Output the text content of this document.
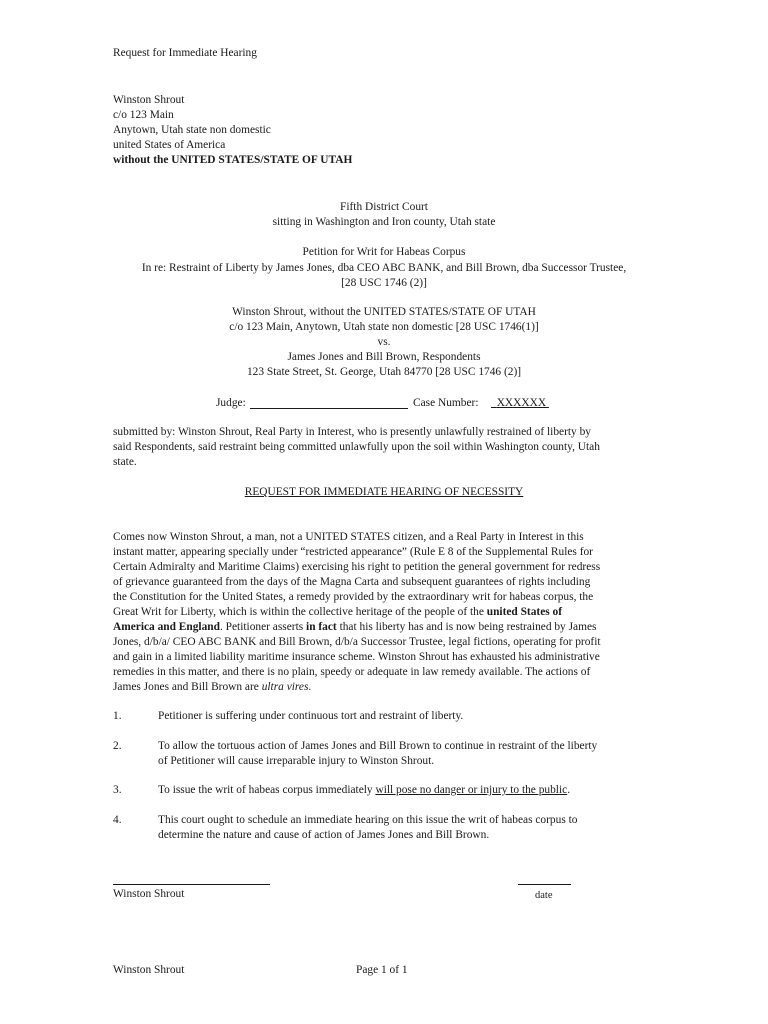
Request for Immediate Hearing
Winston Shrout
c/o 123 Main
Anytown, Utah state non domestic
united States of America
without the UNITED STATES/STATE OF UTAH
Fifth District Court
sitting in Washington and Iron county, Utah state
Petition for Writ for Habeas Corpus
In re: Restraint of Liberty by James Jones, dba CEO ABC BANK, and Bill Brown, dba Successor Trustee,
[28 USC 1746 (2)]
Winston Shrout, without the UNITED STATES/STATE OF UTAH
c/o 123 Main, Anytown, Utah state non domestic [28 USC 1746(1)]
vs.
James Jones and Bill Brown, Respondents
123 State Street, St. George, Utah 84770 [28 USC 1746 (2)]
Judge:	Case Number:	XXXXXX

submitted by: Winston Shrout, Real Party in Interest, who is presently unlawfully restrained of liberty by

said Respondents, said restraint being committed unlawfully upon the soil within Washington county, Utah

state.

REQUEST FOR IMMEDIATE HEARING OF NECESSITY

Comes now Winston Shrout, a man, not a UNITED STATES citizen, and a Real Party in Interest in this

instant matter, appearing specially under “restricted appearance” (Rule E 8 of the Supplemental Rules for

Certain Admiralty and Maritime Claims) exercising his right to petition the general government for redress

of grievance guaranteed from the days of the Magna Carta and subsequent guarantees of rights including

the Constitution for the United States, a remedy provided by the extraordinary writ for habeas corpus, the

Great Writ for Liberty, which is within the collective heritage of the people of the united States of

America and England. Petitioner asserts in fact that his liberty has and is now being restrained by James

Jones, d/b/a/ CEO ABC BANK and Bill Brown, d/b/a Successor Trustee, legal fictions, operating for profit

and gain in a limited liability maritime insurance scheme. Winston Shrout has exhausted his administrative

remedies in this matter, and there is no plain, speedy or adequate in law remedy available. The actions of

James Jones and Bill Brown are ultra vires.

1.	Petitioner is suffering under continuous tort and restraint of liberty.

2.	To allow the tortuous action of James Jones and Bill Brown to continue in restraint of the liberty

of Petitioner will cause irreparable injury to Winston Shrout.

3.	To issue the writ of habeas corpus immediately will pose no danger or injury to the public.

4.	This court ought to schedule an immediate hearing on this issue the writ of habeas corpus to

determine the nature and cause of action of James Jones and Bill Brown.

Winston Shrout	date
Winston Shrout	Page 1 of 1
